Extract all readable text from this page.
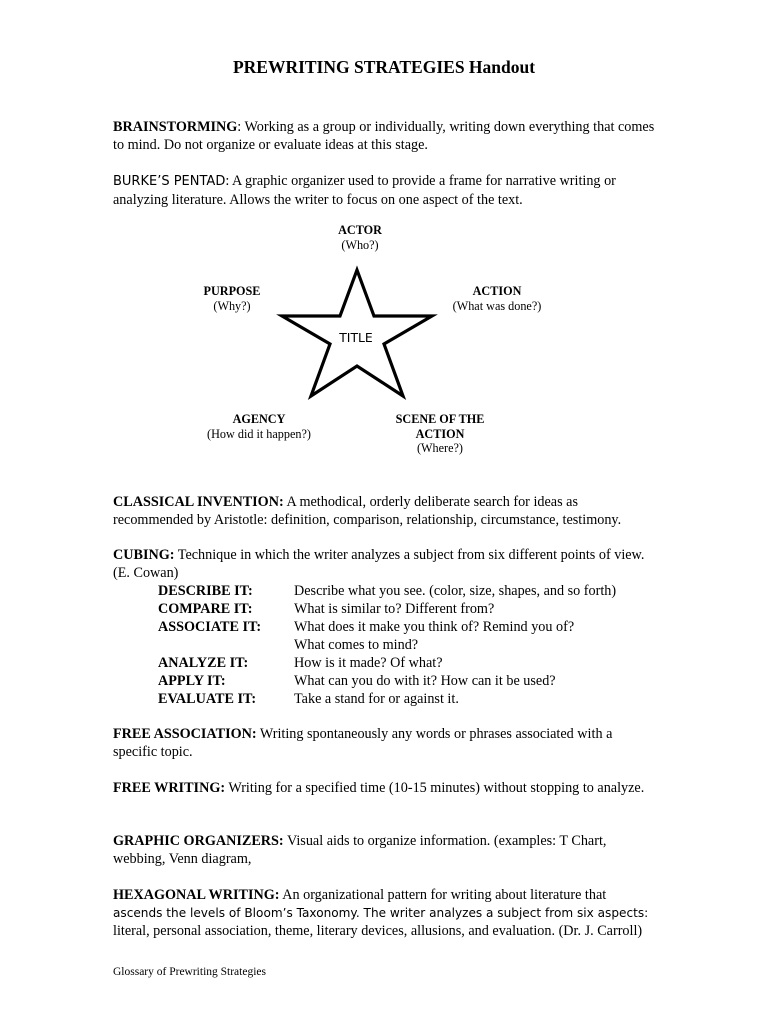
PREWRITING STRATEGIES Handout

BRAINSTORMING: Working as a group or individually, writing down everything that comes to mind. Do not organize or evaluate ideas at this stage.

BURKE’S PENTAD: A graphic organizer used to provide a frame for narrative writing or analyzing literature. Allows the writer to focus on one aspect of the text.

TITLE
ACTOR
(Who?)
PURPOSE
(Why?)
ACTION
(What was done?)
AGENCY
(How did it happen?)
SCENE OF THE
ACTION
(Where?)

CLASSICAL INVENTION: A methodical, orderly deliberate search for ideas as recommended by Aristotle: definition, comparison, relationship, circumstance, testimony.

CUBING: Technique in which the writer analyzes a subject from six different points of view. (E. Cowan)

DESCRIBE IT:	Describe what you see. (color, size, shapes, and so forth)
COMPARE IT:	What is similar to? Different from?
ASSOCIATE IT: What does it make you think of? Remind you of?
What comes to mind?
ANALYZE IT:	How is it made? Of what?
APPLY IT:	What can you do with it? How can it be used?
EVALUATE IT:	Take a stand for or against it.

FREE ASSOCIATION: Writing spontaneously any words or phrases associated with a specific topic.

FREE WRITING: Writing for a specified time (10-15 minutes) without stopping to analyze.

GRAPHIC ORGANIZERS: Visual aids to organize information. (examples: T Chart, webbing, Venn diagram,

HEXAGONAL WRITING: An organizational pattern for writing about literature that
ascends the levels of Bloom’s Taxonomy. The writer analyzes a subject from six aspects:
literal, personal association, theme, literary devices, allusions, and evaluation. (Dr. J. Carroll)
Glossary of Prewriting Strategies
